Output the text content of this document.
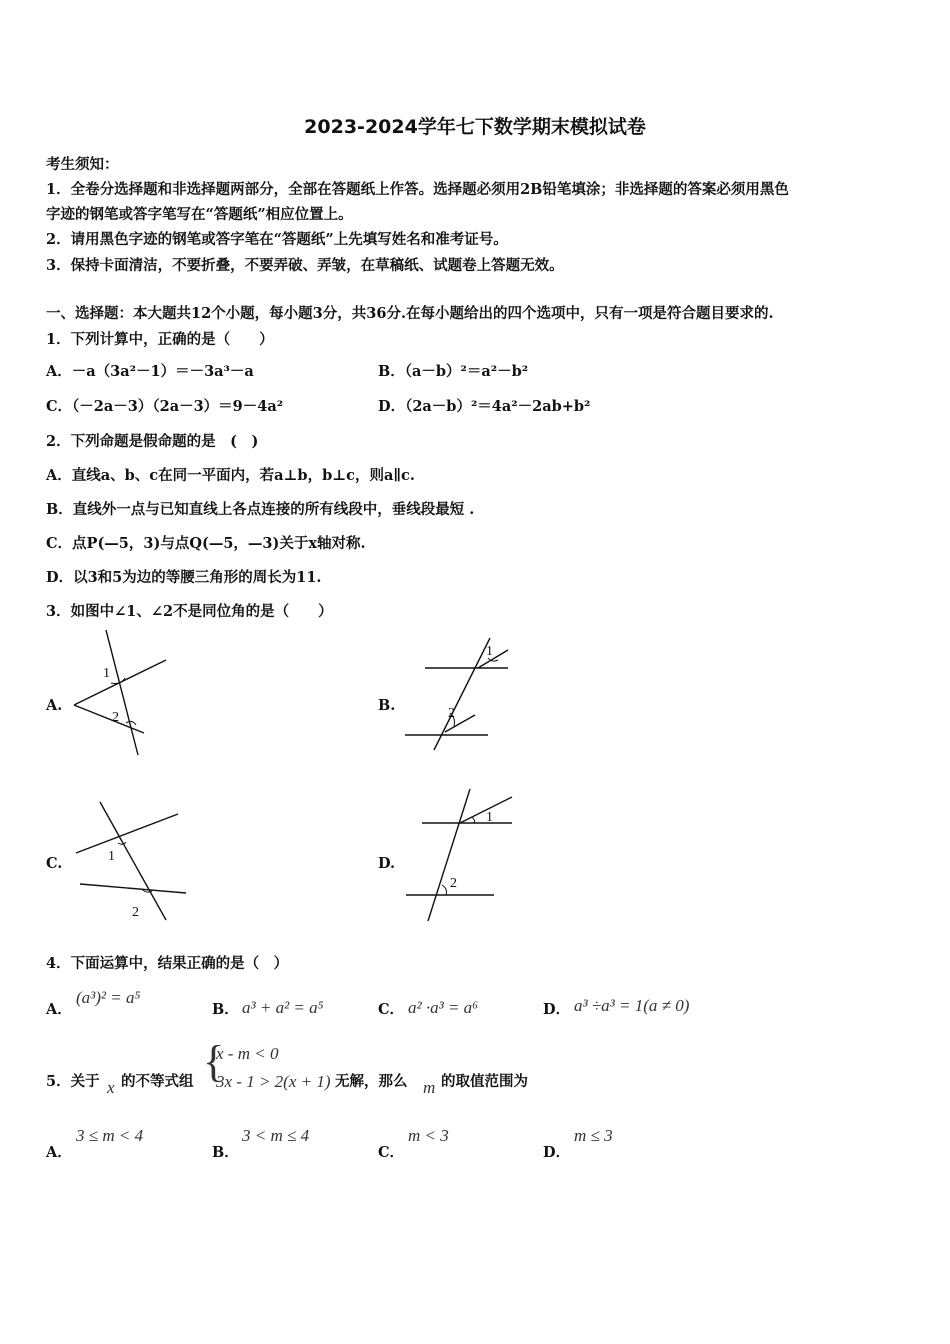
2023-2024学年七下数学期末模拟试卷
考生须知：
1．全卷分选择题和非选择题两部分，全部在答题纸上作答。选择题必须用2B铅笔填涂；非选择题的答案必须用黑色
字迹的钢笔或答字笔写在“答题纸”相应位置上。
2．请用黑色字迹的钢笔或答字笔在“答题纸”上先填写姓名和准考证号。
3．保持卡面清洁，不要折叠，不要弄破、弄皱，在草稿纸、试题卷上答题无效。
一、选择题：本大题共12个小题，每小题3分，共36分.在每小题给出的四个选项中，只有一项是符合题目要求的.
1．下列计算中，正确的是（　　）
A．－a（3a²－1）＝－3a³－a	B．（a－b）²＝a²－b²
C．（－2a－3）（2a－3）＝9－4a²	D．（2a－b）²＝4a²－2ab+b²
2．下列命题是假命题的是　(　)
A．直线a、b、c在同一平面内，若a⊥b，b⊥c，则a∥c.
B．直线外一点与已知直线上各点连接的所有线段中，垂线段最短 .
C．点P(—5，3)与点Q(—5，—3)关于x轴对称.
D．以3和5为边的等腰三角形的周长为11.
3．如图中∠1、∠2不是同位角的是（　　）
A.
1
2
B.
1
2
C.	1
2
D.
1
2
4．下面运算中，结果正确的是（　）
A．
(a³)² = a⁵
B． a³ + a² = a⁵	C． a² ·a³ = a⁶	D． a³ ÷a³ = 1(a ≠ 0)
5．关于 x 的不等式组 {
x - m < 0
3x - 1 > 2(x + 1) 无解，那么 m 的取值范围为
A．
3 ≤ m < 4
B．
3 < m ≤ 4
C．
m < 3
D．
m ≤ 3
